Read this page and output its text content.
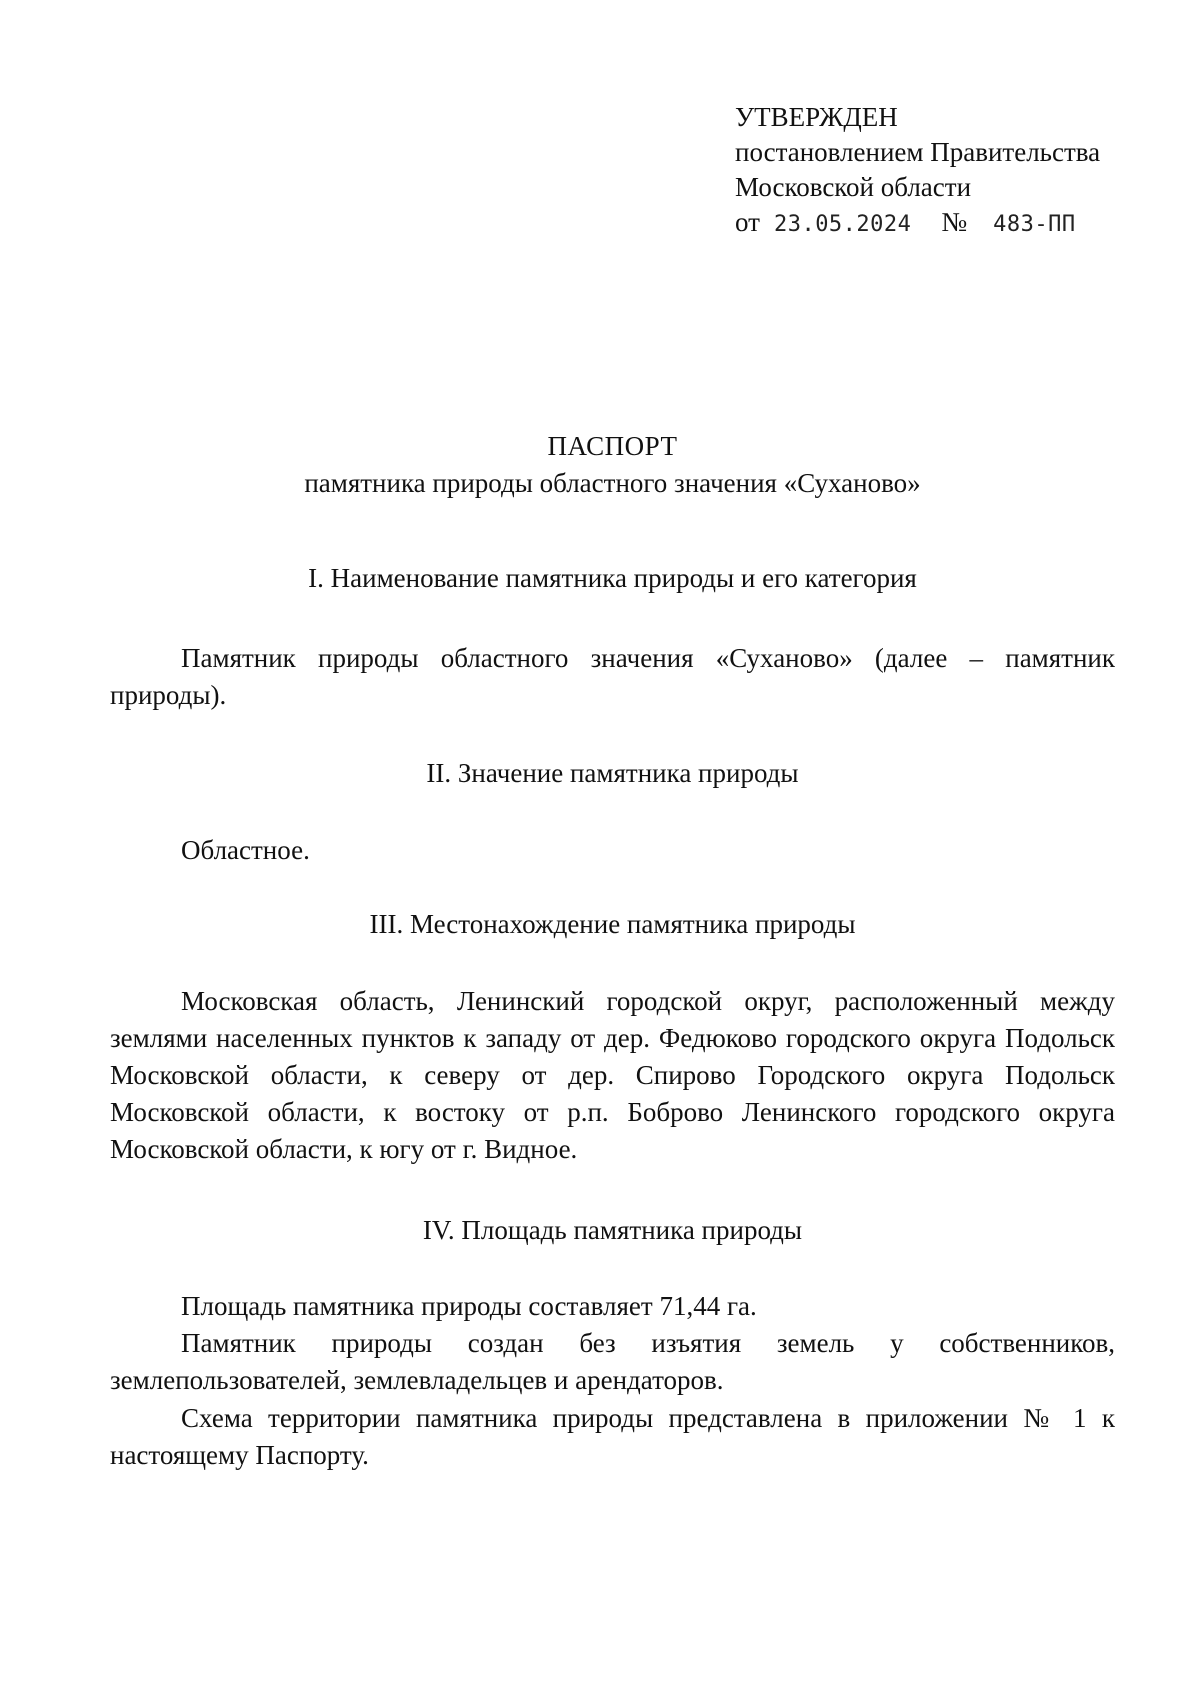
УТВЕРЖДЕН
постановлением Правительства
Московской области
от 23.05.2024 № 483-ПП
ПАСПОРТ
памятника природы областного значения «Суханово»
I. Наименование памятника природы и его категория
Памятник природы областного значения «Суханово» (далее – памятник природы).
II. Значение памятника природы
Областное.
III. Местонахождение памятника природы
Московская область, Ленинский городской округ, расположенный между землями населенных пунктов к западу от дер. Федюково городского округа Подольск Московской области, к северу от дер. Спирово Городского округа Подольск Московской области, к востоку от р.п. Боброво Ленинского городского округа Московской области, к югу от г. Видное.
IV. Площадь памятника природы
Площадь памятника природы составляет 71,44 га.
Памятник природы создан без изъятия земель у собственников, землепользователей, землевладельцев и арендаторов.
Схема территории памятника природы представлена в приложении № 1 к настоящему Паспорту.
